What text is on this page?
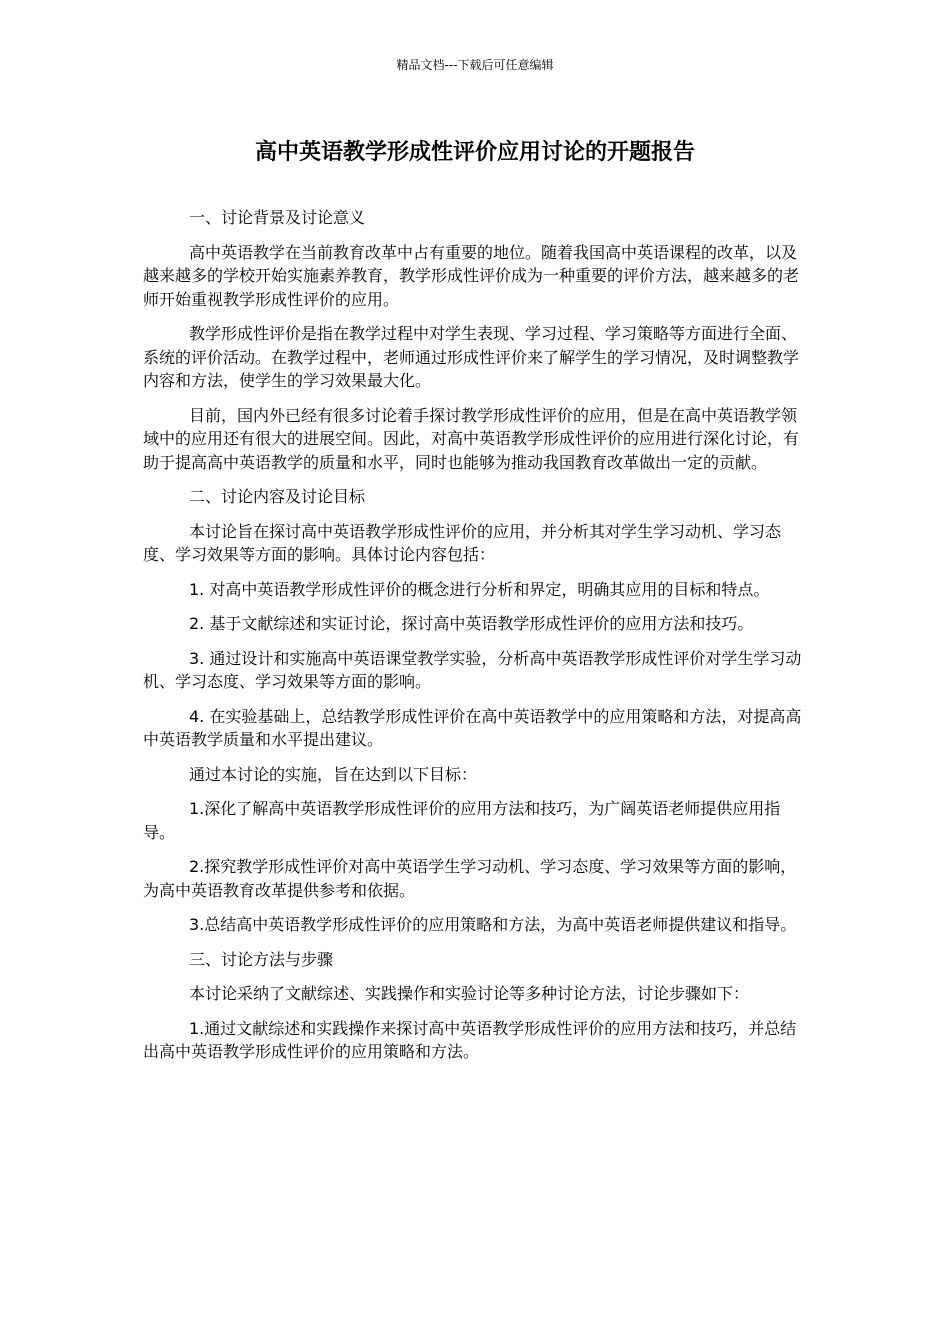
精品文档---下载后可任意编辑
高中英语教学形成性评价应用讨论的开题报告

一、讨论背景及讨论意义

高中英语教学在当前教育改革中占有重要的地位。随着我国高中英语课程的改革，以及越来越多的学校开始实施素养教育，教学形成性评价成为一种重要的评价方法，越来越多的老师开始重视教学形成性评价的应用。

教学形成性评价是指在教学过程中对学生表现、学习过程、学习策略等方面进行全面、系统的评价活动。在教学过程中，老师通过形成性评价来了解学生的学习情况，及时调整教学内容和方法，使学生的学习效果最大化。

目前，国内外已经有很多讨论着手探讨教学形成性评价的应用，但是在高中英语教学领域中的应用还有很大的进展空间。因此，对高中英语教学形成性评价的应用进行深化讨论，有助于提高高中英语教学的质量和水平，同时也能够为推动我国教育改革做出一定的贡献。

二、讨论内容及讨论目标

本讨论旨在探讨高中英语教学形成性评价的应用，并分析其对学生学习动机、学习态度、学习效果等方面的影响。具体讨论内容包括：

1. 对高中英语教学形成性评价的概念进行分析和界定，明确其应用的目标和特点。

2. 基于文献综述和实证讨论，探讨高中英语教学形成性评价的应用方法和技巧。

3. 通过设计和实施高中英语课堂教学实验，分析高中英语教学形成性评价对学生学习动机、学习态度、学习效果等方面的影响。

4. 在实验基础上，总结教学形成性评价在高中英语教学中的应用策略和方法，对提高高中英语教学质量和水平提出建议。

通过本讨论的实施，旨在达到以下目标：

1.深化了解高中英语教学形成性评价的应用方法和技巧，为广阔英语老师提供应用指导。

2.探究教学形成性评价对高中英语学生学习动机、学习态度、学习效果等方面的影响，为高中英语教育改革提供参考和依据。

3.总结高中英语教学形成性评价的应用策略和方法，为高中英语老师提供建议和指导。

三、讨论方法与步骤

本讨论采纳了文献综述、实践操作和实验讨论等多种讨论方法，讨论步骤如下：

1.通过文献综述和实践操作来探讨高中英语教学形成性评价的应用方法和技巧，并总结出高中英语教学形成性评价的应用策略和方法。
